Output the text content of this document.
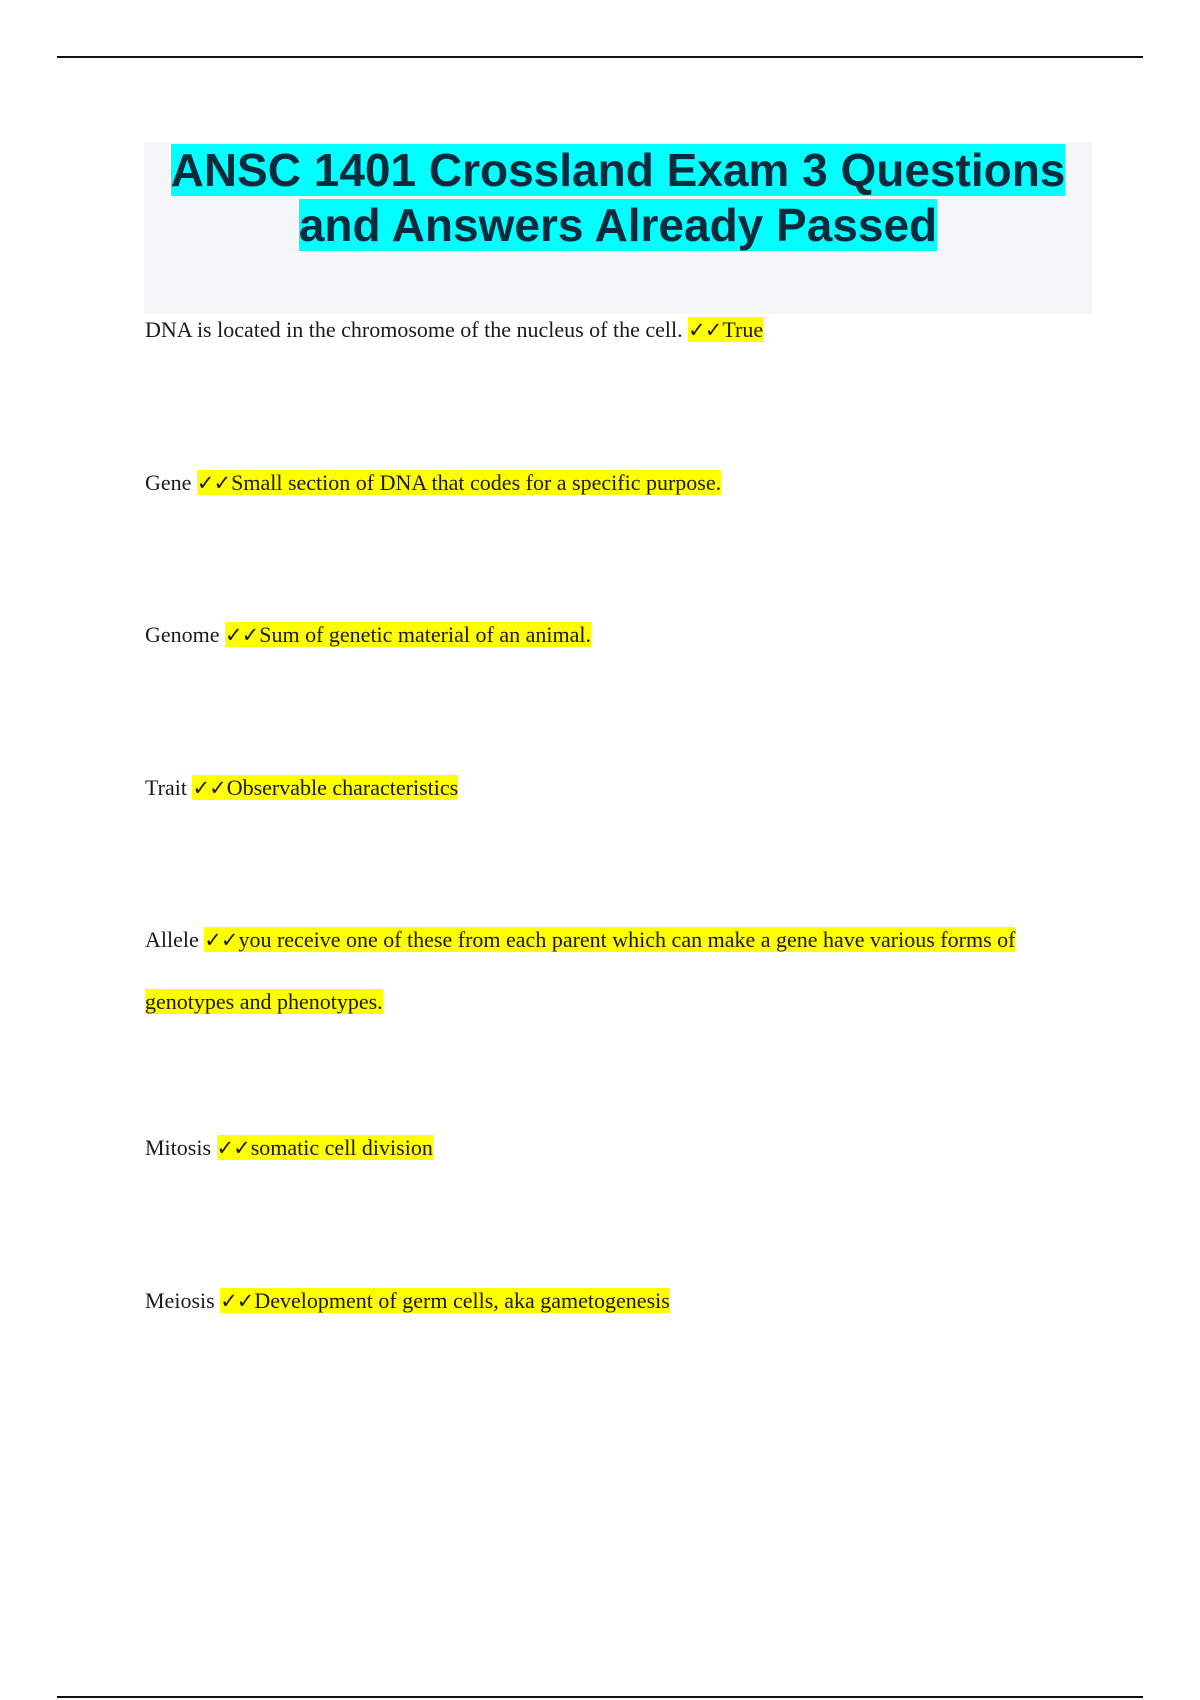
ANSC 1401 Crossland Exam 3 Questions
and Answers Already Passed

DNA is located in the chromosome of the nucleus of the cell. ✓✓True

Gene ✓✓Small section of DNA that codes for a specific purpose.

Genome ✓✓Sum of genetic material of an animal.

Trait ✓✓Observable characteristics

Allele ✓✓you receive one of these from each parent which can make a gene have various forms of genotypes and phenotypes.

Mitosis ✓✓somatic cell division

Meiosis ✓✓Development of germ cells, aka gametogenesis
